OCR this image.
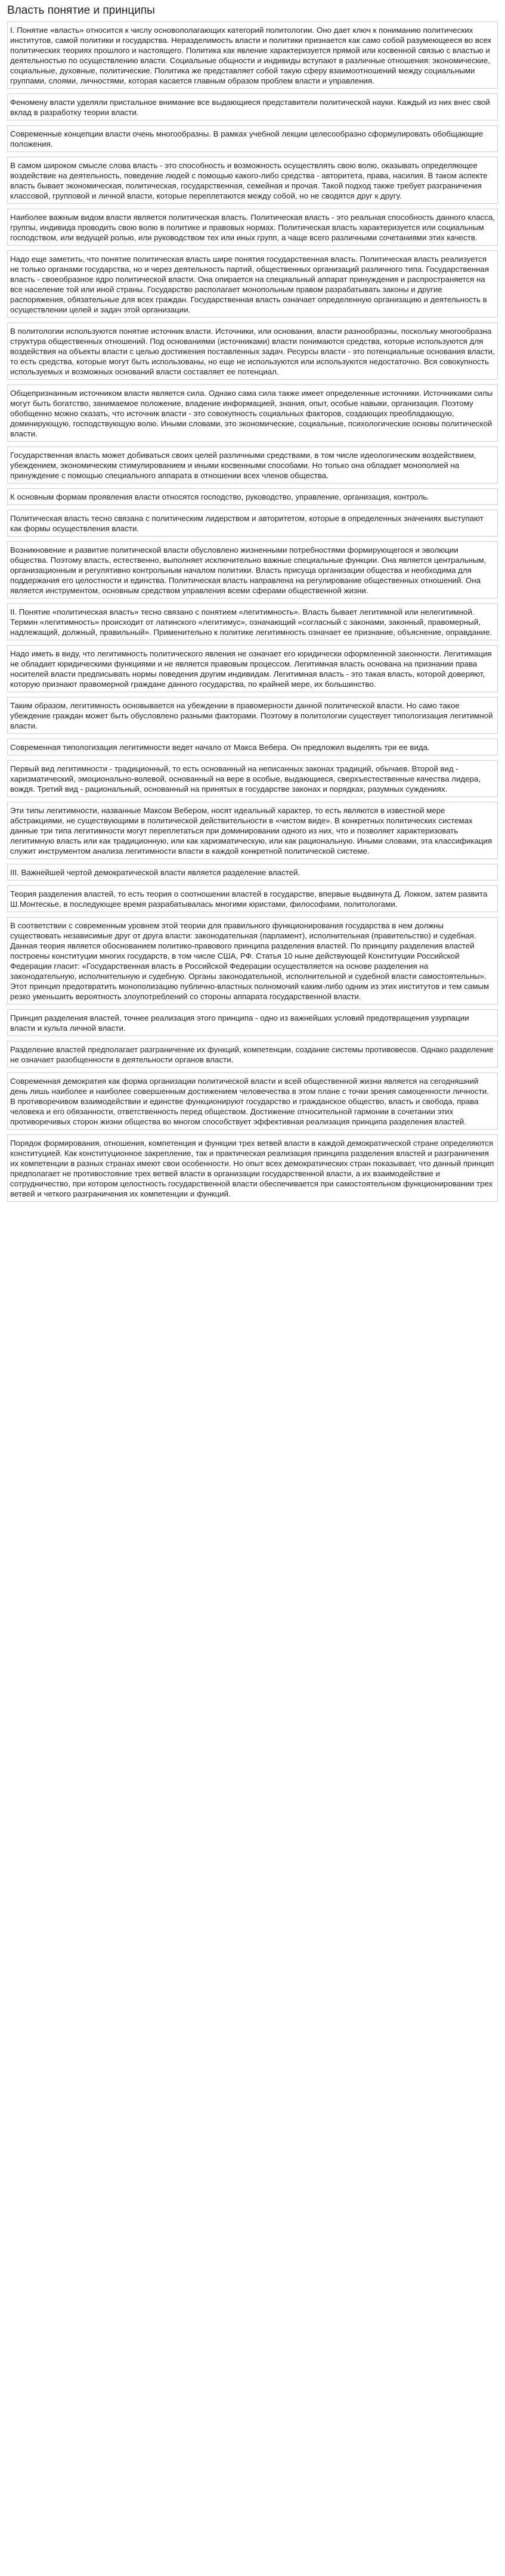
Власть понятие и принципы
I. Понятие «власть» относится к числу основополагающих категорий политологии. Оно дает ключ к пониманию политических институтов, самой политики и государства. Неразделимость власти и политики признается как само собой разумеющееся во всех политических теориях прошлого и настоящего. Политика как явление характеризуется прямой или косвенной связью с властью и деятельностью по осуществлению власти. Социальные общности и индивиды вступают в различные отношения: экономические, социальные, духовные, политические. Политика же представляет собой такую сферу взаимоотношений между социальными группами, слоями, личностями, которая касается главным образом проблем власти и управления.
Феномену власти уделяли пристальное внимание все выдающиеся представители политической науки. Каждый из них внес свой вклад в разработку теории власти.
Современные концепции власти очень многообразны. В рамках учебной лекции целесообразно сформулировать обобщающие положения.
В самом широком смысле слова власть - это способность и возможность осуществлять свою волю, оказывать определяющее воздействие на деятельность, поведение людей с помощью какого-либо средства - авторитета, права, насилия. В таком аспекте власть бывает экономическая, политическая, государственная, семейная и прочая. Такой подход также требует разграничения классовой, групповой и личной власти, которые переплетаются между собой, но не сводятся друг к другу.
Наиболее важным видом власти является политическая власть. Политическая власть - это реальная способность данного класса, группы, индивида проводить свою волю в политике и правовых нормах. Политическая власть характеризуется или социальным господством, или ведущей ролью, или руководством тех или иных групп, а чаще всего различными сочетаниями этих качеств.
Надо еще заметить, что понятие политическая власть шире понятия государственная власть. Политическая власть реализуется не только органами государства, но и через деятельность партий, общественных организаций различного типа. Государственная власть - своеобразное ядро политической власти. Она опирается на специальный аппарат принуждения и распространяется на все население той или иной страны. Государство располагает монопольным правом разрабатывать законы и другие распоряжения, обязательные для всех граждан. Государственная власть означает определенную организацию и деятельность в осуществлении целей и задач этой организации.
В политологии используются понятие источник власти. Источники, или основания, власти разнообразны, поскольку многообразна структура общественных отношений. Под основаниями (источниками) власти понимаются средства, которые используются для воздействия на объекты власти с целью достижения поставленных задач. Ресурсы власти - это потенциальные основания власти, то есть средства, которые могут быть использованы, но еще не используются или используются недостаточно. Вся совокупность используемых и возможных оснований власти составляет ее потенциал.
Общепризнанным источником власти является сила. Однако сама сила также имеет определенные источники. Источниками силы могут быть богатство, занимаемое положение, владение информацией, знания, опыт, особые навыки, организация. Поэтому обобщенно можно сказать, что источник власти - это совокупность социальных факторов, создающих преобладающую, доминирующую, господствующую волю. Иными словами, это экономические, социальные, психологические основы политической власти.
Государственная власть может добиваться своих целей различными средствами, в том числе идеологическим воздействием, убеждением, экономическим стимулированием и иными косвенными способами. Но только она обладает монополией на принуждение с помощью специального аппарата в отношении всех членов общества.
К основным формам проявления власти относятся господство, руководство, управление, организация, контроль.
Политическая власть тесно связана с политическим лидерством и авторитетом, которые в определенных значениях выступают как формы осуществления власти.
Возникновение и развитие политической власти обусловлено жизненными потребностями формирующегося и эволюции общества. Поэтому власть, естественно, выполняет исключительно важные специальные функции. Она является центральным, организационным и регулятивно контрольным началом политики. Власть присуща организации общества и необходима для поддержания его целостности и единства. Политическая власть направлена на регулирование общественных отношений. Она является инструментом, основным средством управления всеми сферами общественной жизни.
II. Понятие «политическая власть» тесно связано с понятием «легитимность». Власть бывает легитимной или нелегитимной. Термин «легитимность» происходит от латинского «легитимус», означающий «согласный с законами, законный, правомерный, надлежащий, должный, правильный». Применительно к политике легитимность означает ее признание, объяснение, оправдание.
Надо иметь в виду, что легитимность политического явления не означает его юридически оформленной законности. Легитимация не обладает юридическими функциями и не является правовым процессом. Легитимная власть основана на признании права носителей власти предписывать нормы поведения другим индивидам. Легитимная власть - это такая власть, которой доверяют, которую признают правомерной граждане данного государства, по крайней мере, их большинство.
Таким образом, легитимность основывается на убеждении в правомерности данной политической власти. Но само такое убеждение граждан может быть обусловлено разными факторами. Поэтому в политологии существует типологизация легитимной власти.
Современная типологизация легитимности ведет начало от Макса Вебера. Он предложил выделять три ее вида.
Первый вид легитимности - традиционный, то есть основанный на неписанных законах традиций, обычаев. Второй вид - харизматический, эмоционально-волевой, основанный на вере в особые, выдающиеся, сверхъестественные качества лидера, вождя. Третий вид - рациональный, основанный на принятых в государстве законах и порядках, разумных суждениях.
Эти типы легитимности, названные Максом Вебером, носят идеальный характер, то есть являются в известной мере абстракциями, не существующими в политической действительности в «чистом виде». В конкретных политических системах данные три типа легитимности могут переплетаться при доминировании одного из них, что и позволяет характеризовать легитимную власть или как традиционную, или как харизматическую, или как рациональную. Иными словами, эта классификация служит инструментом анализа легитимности власти в каждой конкретной политической системе.
III. Важнейшей чертой демократической власти является разделение властей.
Теория разделения властей, то есть теория о соотношении властей в государстве, впервые выдвинута Д. Локком, затем развита Ш.Монтескье, в последующее время разрабатывалась многими юристами, философами, политологами.
В соответствии с современным уровнем этой теории для правильного функционирования государства в нем должны существовать независимые друг от друга власти: законодательная (парламент), исполнительная (правительство) и судебная. Данная теория является обоснованием политико-правового принципа разделения властей. По принципу разделения властей построены конституции многих государств, в том числе США, РФ. Статья 10 ныне действующей Конституции Российской Федерации гласит: «Государственная власть в Российской Федерации осуществляется на основе разделения на законодательную, исполнительную и судебную. Органы законодательной, исполнительной и судебной власти самостоятельны». Этот принцип предотвратить монополизацию публично-властных полномочий каким-либо одним из этих институтов и тем самым резко уменьшить вероятность злоупотреблений со стороны аппарата государственной власти.
Принцип разделения властей, точнее реализация этого принципа - одно из важнейших условий предотвращения узурпации власти и культа личной власти.
Разделение властей предполагает разграничение их функций, компетенции, создание системы противовесов. Однако разделение не означает разобщенности в деятельности органов власти.
Современная демократия как форма организации политической власти и всей общественной жизни является на сегодняшний день лишь наиболее и наиболее совершенным достижением человечества в этом плане с точки зрения самоценности личности. В противоречивом взаимодействии и единстве функционируют государство и гражданское общество, власть и свобода, права человека и его обязанности, ответственность перед обществом. Достижение относительной гармонии в сочетании этих противоречивых сторон жизни общества во многом способствует эффективная реализация принципа разделения властей.
Порядок формирования, отношения, компетенция и функции трех ветвей власти в каждой демократической стране определяются конституцией. Как конституционное закрепление, так и практическая реализация принципа разделения властей и разграничения их компетенции в разных странах имеют свои особенности. Но опыт всех демократических стран показывает, что данный принцип предполагает не противостояние трех ветвей власти в организации государственной власти, а их взаимодействие и сотрудничество, при котором целостность государственной власти обеспечивается при самостоятельном функционировании трех ветвей и четкого разграничения их компетенции и функций.
